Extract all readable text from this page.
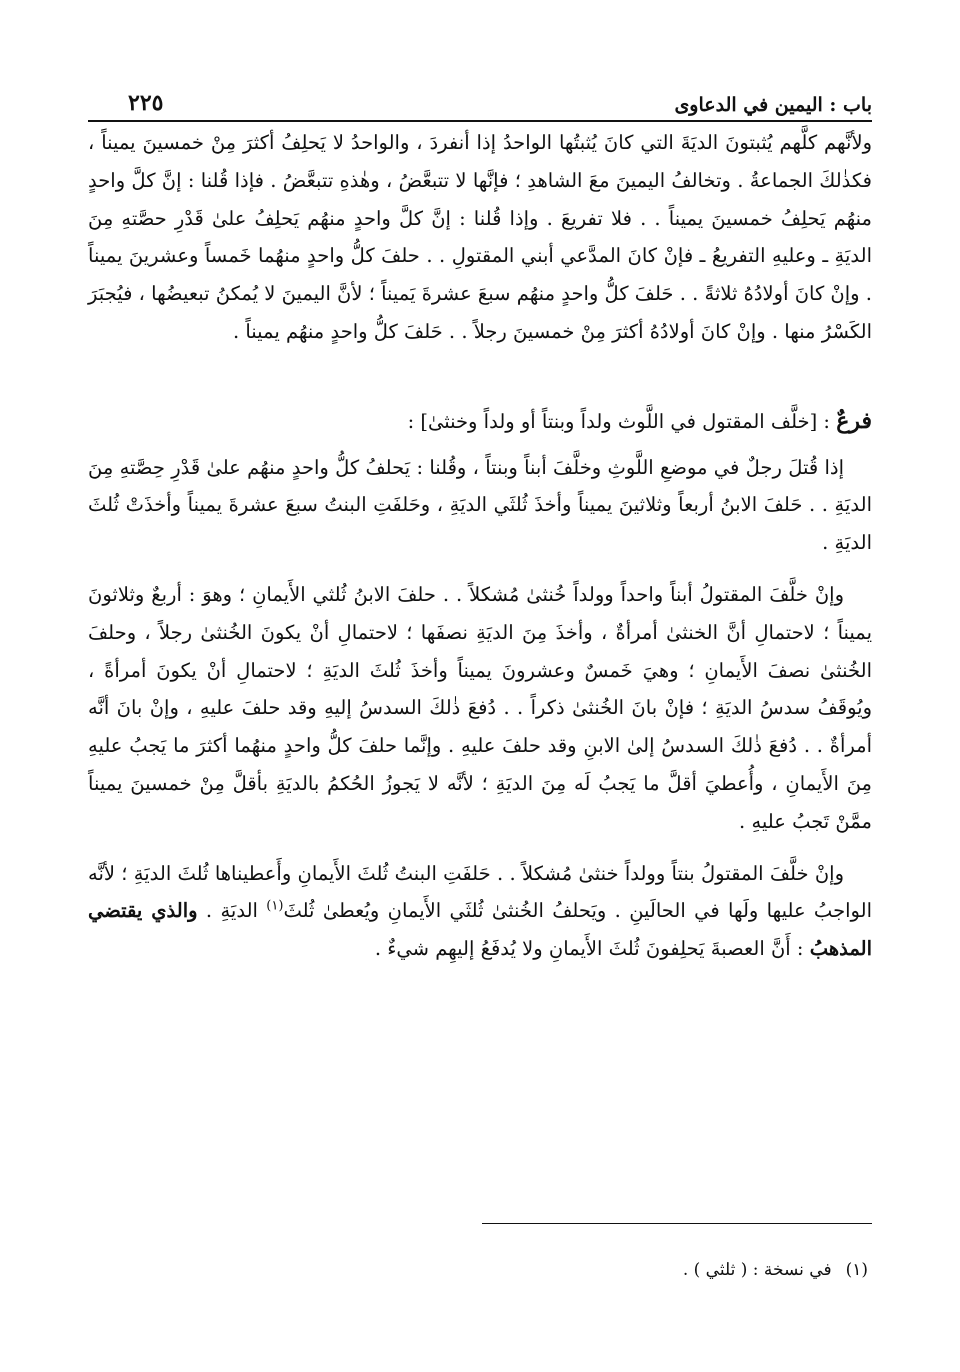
باب : اليمين في الدعاوى
٢٢٥

ولأنَّهم كلَّهم يُثبتونَ الديَةَ التي كانَ يُثبتُها الواحدُ إذا أنفردَ ، والواحدُ لا يَحلِفُ أكثرَ مِنْ خمسينَ يميناً ، فكذٰلكَ الجماعةُ . وتخالفُ اليمينَ معَ الشاهدِ ؛ فإنَّها لا تتبعَّضُ ، وهٰذهِ تتبعَّضُ . فإذا قُلنا : إنَّ كلَّ واحدٍ منهُم يَحلِفُ خمسينَ يميناً . . فلا تفريعَ . وإذا قُلنا : إنَّ كلَّ واحدٍ منهُم يَحلِفُ علىٰ قَدْرِ حصَّتهِ مِنَ الديَةِ ـ وعليهِ التفريعُ ـ فإنْ كانَ المدَّعي أبني المقتولِ . . حلفَ كلُّ واحدٍ منهُما خَمساً وعشرينَ يميناً . وإنْ كانَ أولادُهُ ثلاثةً . . حَلفَ كلُّ واحدٍ منهُم سبعَ عشرةَ يَميناً ؛ لأنَّ اليمينَ لا يُمكنُ تبعيضُها ، فيُجبَرَ الكَسْرُ منها . وإنْ كانَ أولادُهُ أكثرَ مِنْ خمسينَ رجلاً . . حَلفَ كلُّ واحدٍ منهُم يميناً .

فرعٌ : [خلَّف المقتول في اللَّوث ولداً وبنتاً أو ولداً وخنثىٰ] :

إذا قُتلَ رجلٌ في موضعِ اللَّوثِ وخلَّفَ أبناً وبنتاً ، وقُلنا : يَحلفُ كلُّ واحدٍ منهُم علىٰ قَدْرِ حِصَّتهِ مِنَ الديَةِ . . حَلفَ الابنُ أربعاً وثلاثينَ يميناً وأخذَ ثُلثَي الديَةِ ، وحَلفَتِ البنتُ سبعَ عشرةَ يميناً وأخذَتْ ثُلثَ الديَةِ .

وإنْ خلَّفَ المقتولُ أبناً واحداً وولداً خُنثىٰ مُشكلاً . . حلفَ الابنُ ثُلثي الأَيمانِ ؛ وهوَ : أربعٌ وثلاثونَ يميناً ؛ لاحتمالِ أنَّ الخنثىٰ أمرأةٌ ، وأخذَ مِنَ الديَةِ نصفَها ؛ لاحتمالِ أنْ يكونَ الخُنثىٰ رجلاً ، وحلفَ الخُنثىٰ نصفَ الأَيمانِ ؛ وهيَ خَمسٌ وعشرونَ يميناً وأخذَ ثُلثَ الديَةِ ؛ لاحتمالِ أنْ يكونَ أمرأةً ، ويُوقَفُ سدسُ الديَةِ ؛ فإنْ بانَ الخُنثىٰ ذكراً . . دُفعَ ذٰلكَ السدسُ إليهِ وقد حلفَ عليهِ ، وإنْ بانَ أنَّه أمرأةٌ . . دُفعَ ذٰلكَ السدسُ إلىٰ الابنِ وقد حلفَ عليهِ . وإنَّما حلفَ كلُّ واحدٍ منهُما أكثرَ ما يَجبُ عليهِ مِنَ الأَيمانِ ، وأُعطيَ أقلَّ ما يَجبُ لَه مِنَ الديَةِ ؛ لأنَّه لا يَجوزُ الحُكمُ بالديَةِ بأقلَّ مِنْ خمسينَ يميناً ممَّنْ تَجبُ عليهِ .

وإنْ خلَّفَ المقتولُ بنتاً وولداً خنثىٰ مُشكلاً . . حَلفَتِ البنتُ ثُلثَ الأَيمانِ وأَعطيناها ثُلثَ الديَةِ ؛ لأنَّه الواجبُ عليها ولَها في الحالَينِ . ويَحلفُ الخُنثىٰ ثُلثَي الأَيمانِ ويُعطىٰ ثُلثَ$^{(١)}$ الديَةِ . والذي يقتضي المذهبُ : أَنَّ العصبةَ يَحلِفونَ ثُلثَ الأَيمانِ ولا يُدفَعُ إليهِم شيءٌ .

(١)في نسخة : ( ثلثي ) .
